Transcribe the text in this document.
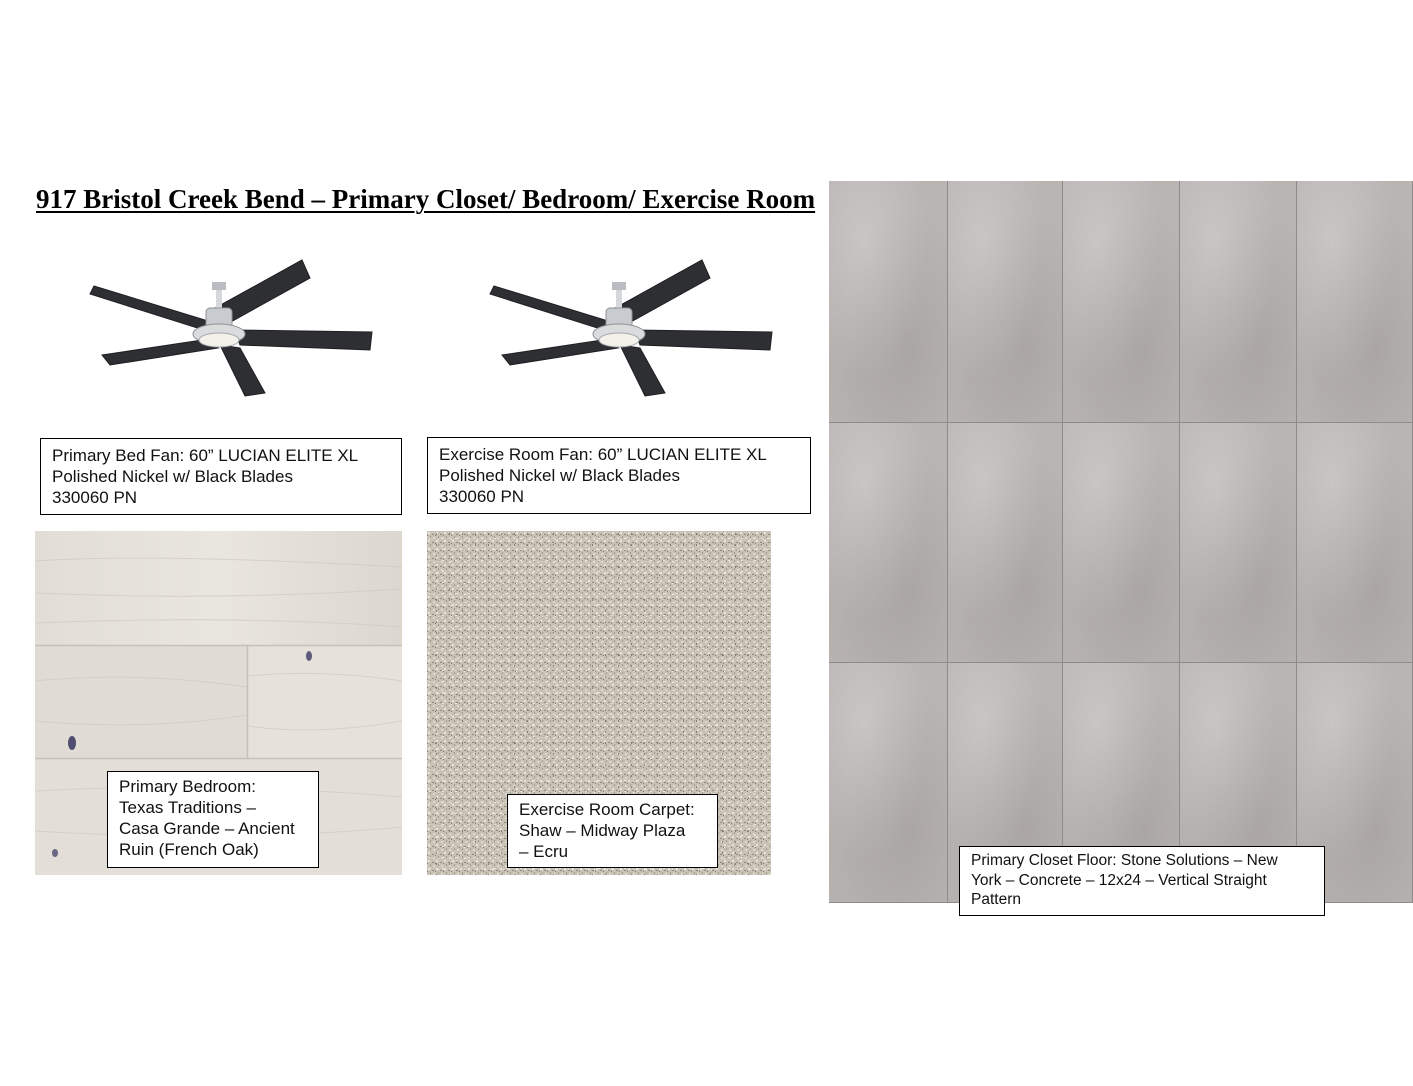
917 Bristol Creek Bend – Primary Closet/ Bedroom/ Exercise Room
Primary Bed Fan: 60” LUCIAN ELITE XL
Polished Nickel w/ Black Blades
330060 PN
Exercise Room Fan: 60” LUCIAN ELITE XL
Polished Nickel w/ Black Blades
330060 PN
Primary Bedroom:
Texas Traditions –
Casa Grande – Ancient
Ruin (French Oak)
Exercise Room Carpet:
Shaw – Midway Plaza
– Ecru	Primary Closet Floor: Stone Solutions – New
York – Concrete – 12x24 – Vertical Straight
Pattern
